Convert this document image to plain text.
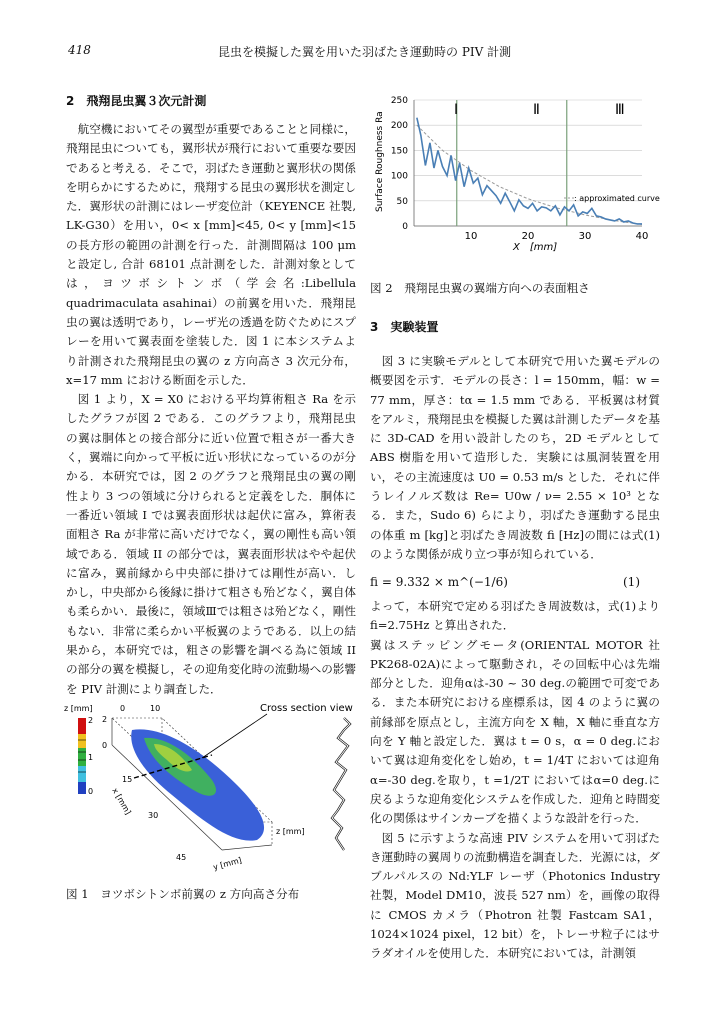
418	昆虫を模擬した翼を用いた羽ばたき運動時の PIV 計測
2　飛翔昆虫翼３次元計測

航空機においてその翼型が重要であることと同様に，飛翔昆虫についても，翼形状が飛行において重要な要因であると考える．そこで，羽ばたき運動と翼形状の関係を明らかにするために，飛翔する昆虫の翼形状を測定した．翼形状の計測にはレーザ変位計（KEYENCE 社製, LK-G30）を用い，0< x [mm]<45, 0< y [mm]<15 の長方形の範囲の計測を行った．計測間隔は 100 μm と設定し, 合計 68101 点計測をした．計測対象としては，ヨツボシトンボ（学会名:Libellula quadrimaculata asahinai）の前翼を用いた．飛翔昆虫の翼は透明であり，レーザ光の透過を防ぐためにスプレーを用いて翼表面を塗装した．図 1 に本システムより計測された飛翔昆虫の翼の z 方向高さ 3 次元分布，x=17 mm における断面を示した．

図 1 より，X = X0 における平均算術粗さ Ra を示したグラフが図 2 である．このグラフより，飛翔昆虫の翼は胴体との接合部分に近い位置で粗さが一番大きく，翼端に向かって平板に近い形状になっているのが分かる．本研究では，図 2 のグラフと飛翔昆虫の翼の剛性より 3 つの領域に分けられると定義をした．胴体に一番近い領域 I では翼表面形状は起伏に富み，算術表面粗さ Ra が非常に高いだけでなく，翼の剛性も高い領域である．領域 II の部分では，翼表面形状はやや起伏に富み，翼前縁から中央部に掛けては剛性が高い．しかし，中央部から後縁に掛けて粗さも殆どなく，翼自体も柔らかい．最後に，領域Ⅲでは粗さは殆どなく，剛性もない．非常に柔らかい平板翼のようである．以上の結果から，本研究では，粗さの影響を調べる為に領域 II の部分の翼を模擬し，その迎角変化時の流動場への影響を PIV 計測により調査した．

z [mm]
2
1
0
2
0
0	10	Cross section view
15
30
45
x [mm]
y [mm]
z [mm]
図 1　ヨツボシトンボ前翼の z 方向高さ分布
0
50
100
150
200
250
10	20	30	40
Ⅰ	Ⅱ	Ⅲ
: approximated curve
Surface Roughness Ra
X　[mm]
図 2　飛翔昆虫翼の翼端方向への表面粗さ
3　実験装置

図 3 に実験モデルとして本研究で用いた翼モデルの概要図を示す．モデルの長さ：l = 150mm，幅：w = 77 mm，厚さ：tα = 1.5 mm である．平板翼は材質をアルミ，飛翔昆虫を模擬した翼は計測したデータを基に 3D-CAD を用い設計したのち，2D モデルとして ABS 樹脂を用いて造形した．実験には風洞装置を用い，その主流速度は U0 = 0.53 m/s とした．それに伴うレイノルズ数は Re= U0w / ν= 2.55 × 10³ となる．また，Sudo 6) らにより，羽ばたき運動する昆虫の体重 m [kg]と羽ばたき周波数 fi [Hz]の間には式(1)のような関係が成り立つ事が知られている．

fi = 9.332 × m^(−1/6)	(1)

よって，本研究で定める羽ばたき周波数は，式(1)より fi=2.75Hz と算出された．

翼はステッピングモータ(ORIENTAL MOTOR 社 PK268-02A)によって駆動され，その回転中心は先端部分とした．迎角αは-30 ~ 30 deg.の範囲で可変である．また本研究における座標系は，図 4 のように翼の前縁部を原点とし，主流方向を X 軸，X 軸に垂直な方向を Y 軸と設定した．翼は t = 0 s，α = 0 deg.において翼は迎角変化をし始め，t = 1/4T においては迎角α=-30 deg.を取り，t =1/2T においてはα=0 deg.に戻るような迎角変化システムを作成した．迎角と時間変化の関係はサインカーブを描くような設計を行った．

図 5 に示すような高速 PIV システムを用いて羽ばたき運動時の翼周りの流動構造を調査した．光源には，ダブルパルスの Nd:YLF レーザ（Photonics Industry 社製，Model DM10，波長 527 nm）を，画像の取得に CMOS カメラ（Photron 社製 Fastcam SA1，1024×1024 pixel，12 bit）を，トレーサ粒子にはサラダオイルを使用した．本研究においては，計測領
